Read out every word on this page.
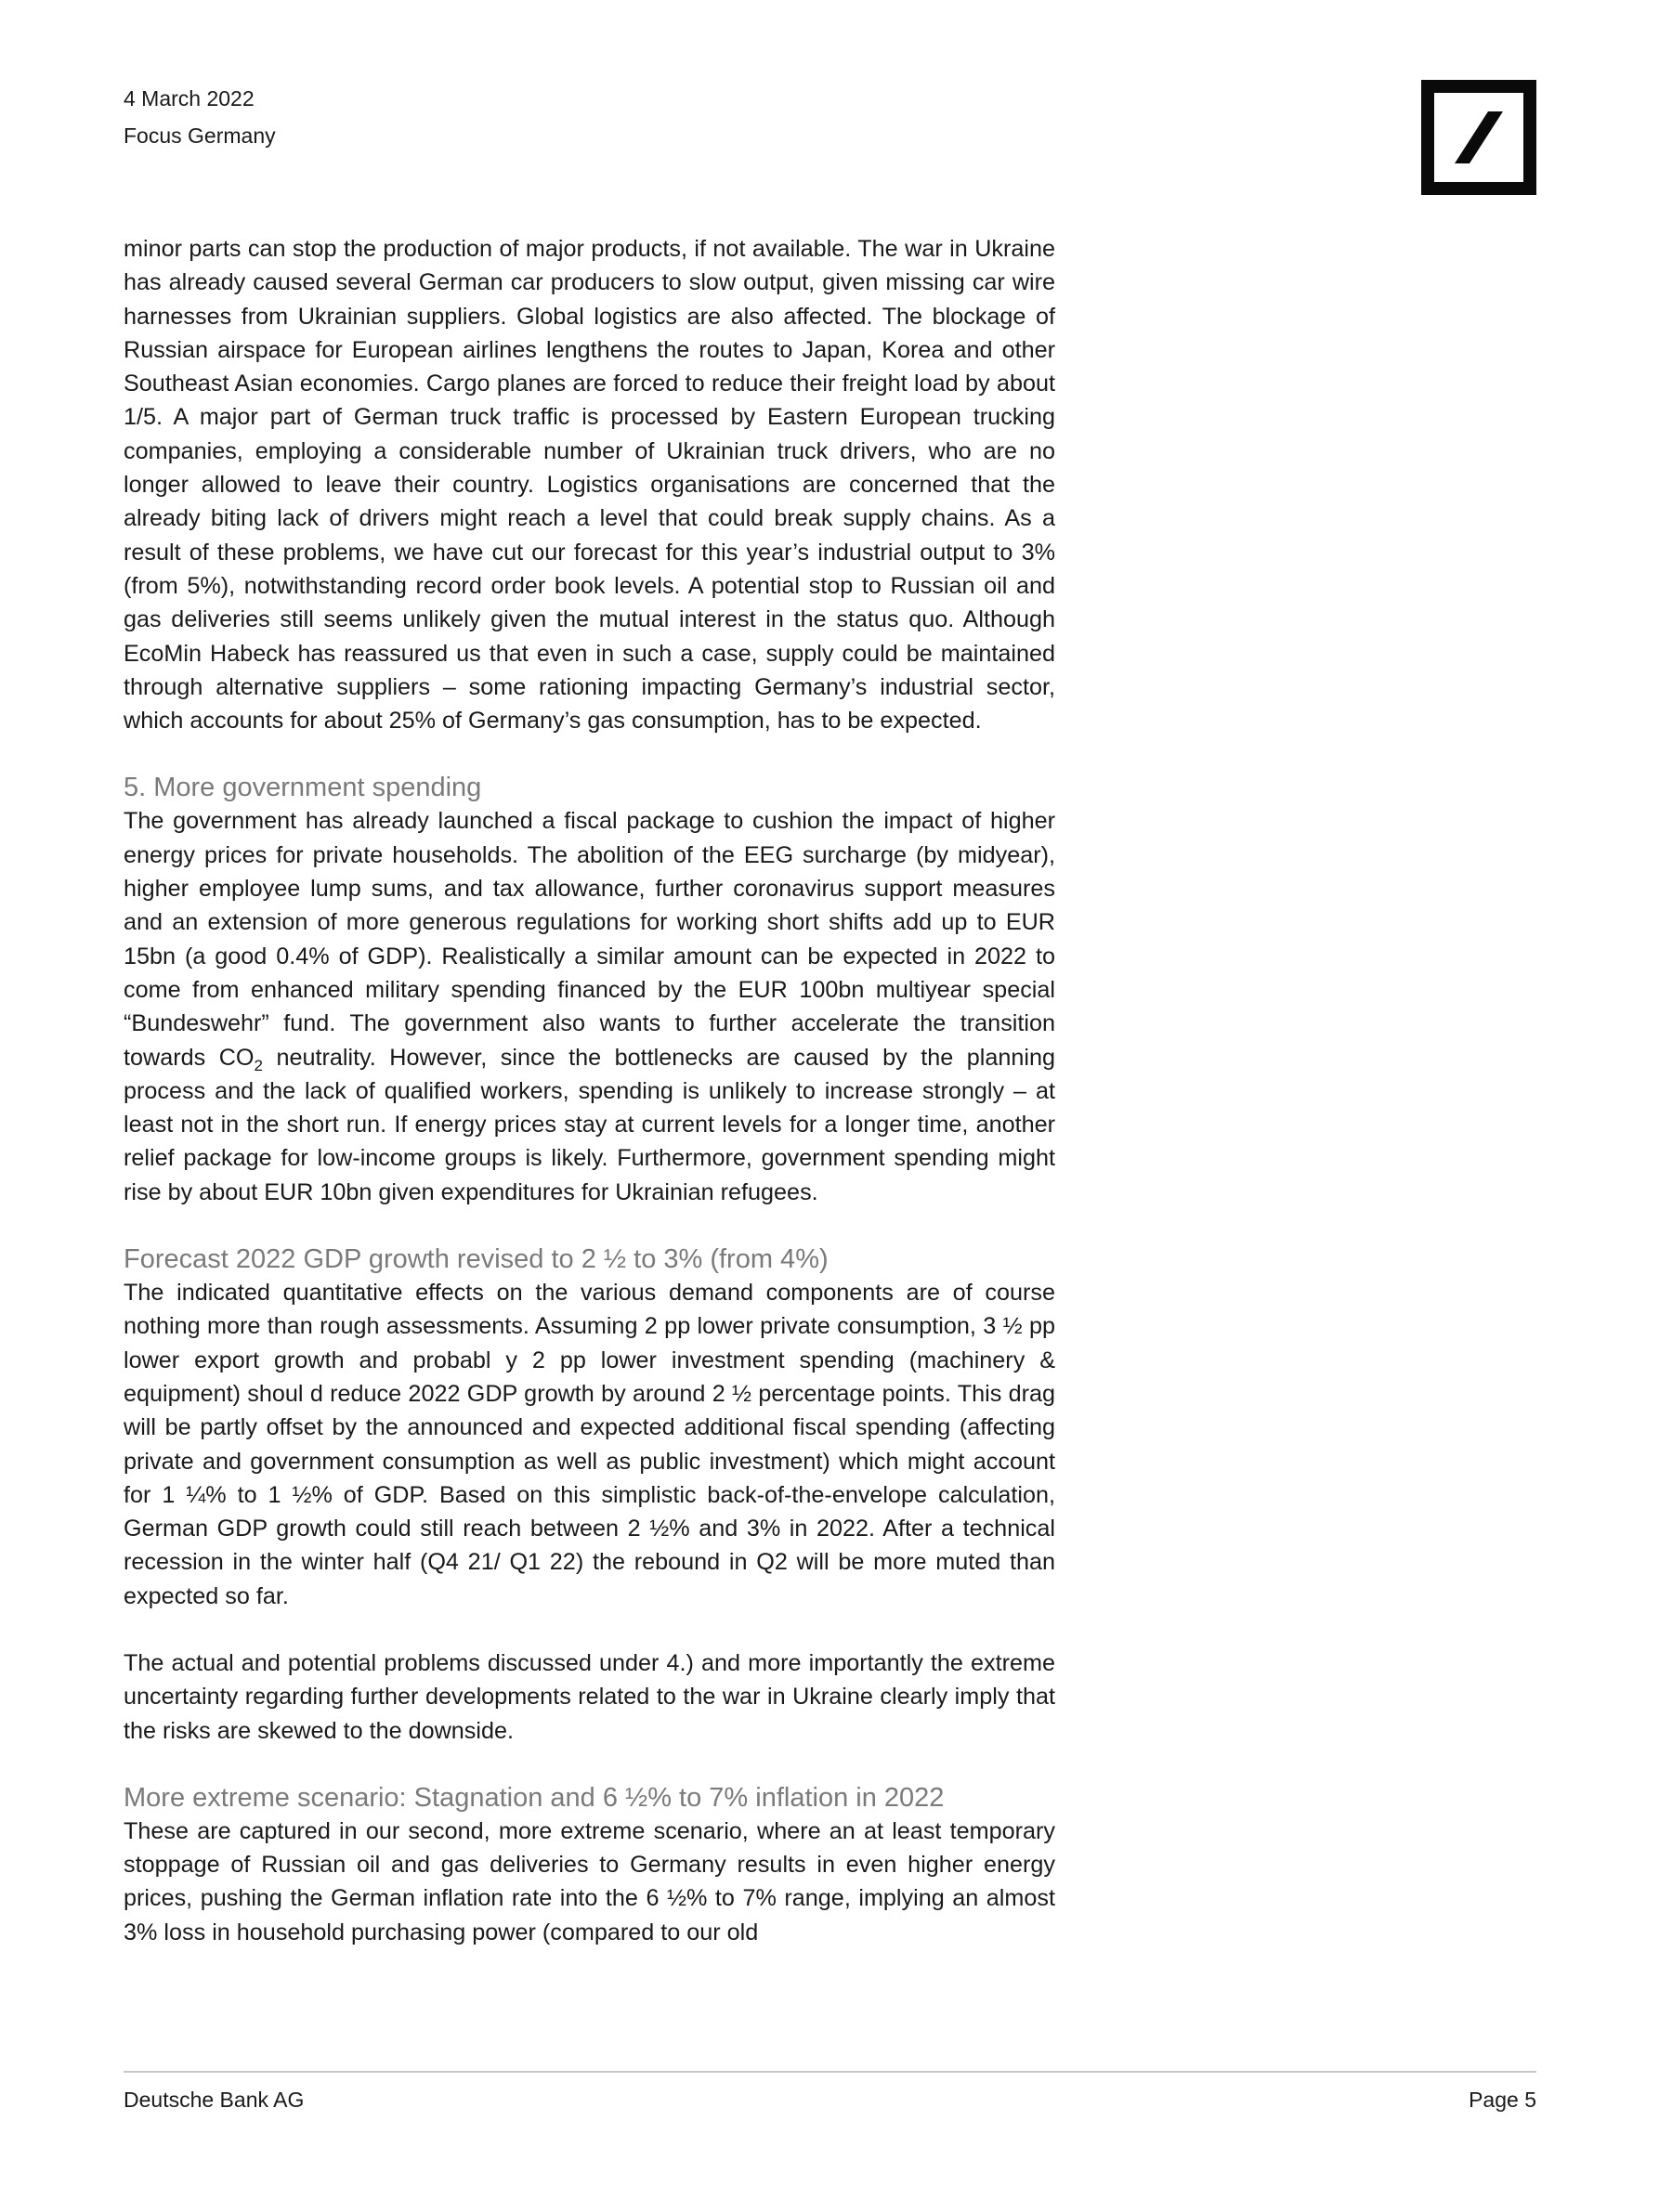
4 March 2022
Focus Germany

minor parts can stop the production of major products, if not available. The war in Ukraine has already caused several German car producers to slow output, given missing car wire harnesses from Ukrainian suppliers. Global logistics are also affected. The blockage of Russian airspace for European airlines lengthens the routes to Japan, Korea and other Southeast Asian economies. Cargo planes are forced to reduce their freight load by about 1/5. A major part of German truck traffic is processed by Eastern European trucking companies, employing a considerable number of Ukrainian truck drivers, who are no longer allowed to leave their country. Logistics organisations are concerned that the already biting lack of drivers might reach a level that could break supply chains. As a result of these problems, we have cut our forecast for this year’s industrial output to 3% (from 5%), notwithstanding record order book levels. A potential stop to Russian oil and gas deliveries still seems unlikely given the mutual interest in the status quo. Although EcoMin Habeck has reassured us that even in such a case, supply could be maintained through alternative suppliers – some rationing impacting Germany’s industrial sector, which accounts for about 25% of Germany’s gas consumption, has to be expected.

5. More government spending

The government has already launched a fiscal package to cushion the impact of higher energy prices for private households. The abolition of the EEG surcharge (by midyear), higher employee lump sums, and tax allowance, further coronavirus support measures and an extension of more generous regulations for working short shifts add up to EUR 15bn (a good 0.4% of GDP). Realistically a similar amount can be expected in 2022 to come from enhanced military spending financed by the EUR 100bn multiyear special “Bundeswehr” fund. The government also wants to further accelerate the transition towards $CO_2$ neutrality. However, since the bottlenecks are caused by the planning process and the lack of qualified workers, spending is unlikely to increase strongly – at least not in the short run. If energy prices stay at current levels for a longer time, another relief package for low-income groups is likely. Furthermore, government spending might rise by about EUR 10bn given expenditures for Ukrainian refugees.

Forecast 2022 GDP growth revised to 2 ½ to 3% (from 4%)

The indicated quantitative effects on the various demand components are of course nothing more than rough assessments. Assuming 2 pp lower private consumption, 3 ½ pp lower export growth and probabl y 2 pp lower investment spending (machinery & equipment) shoul d reduce 2022 GDP growth by around 2 ½ percentage points. This drag will be partly offset by the announced and expected additional fiscal spending (affecting private and government consumption as well as public investment) which might account for 1 ¼% to 1 ½% of GDP. Based on this simplistic back-of-the-envelope calculation, German GDP growth could still reach between 2 ½% and 3% in 2022. After a technical recession in the winter half (Q4 21/ Q1 22) the rebound in Q2 will be more muted than expected so far.

The actual and potential problems discussed under 4.) and more importantly the extreme uncertainty regarding further developments related to the war in Ukraine clearly imply that the risks are skewed to the downside.

More extreme scenario: Stagnation and 6 ½% to 7% inflation in 2022

These are captured in our second, more extreme scenario, where an at least temporary stoppage of Russian oil and gas deliveries to Germany results in even higher energy prices, pushing the German inflation rate into the 6 ½% to 7% range, implying an almost 3% loss in household purchasing power (compared to our old

Deutsche Bank AG	Page 5
